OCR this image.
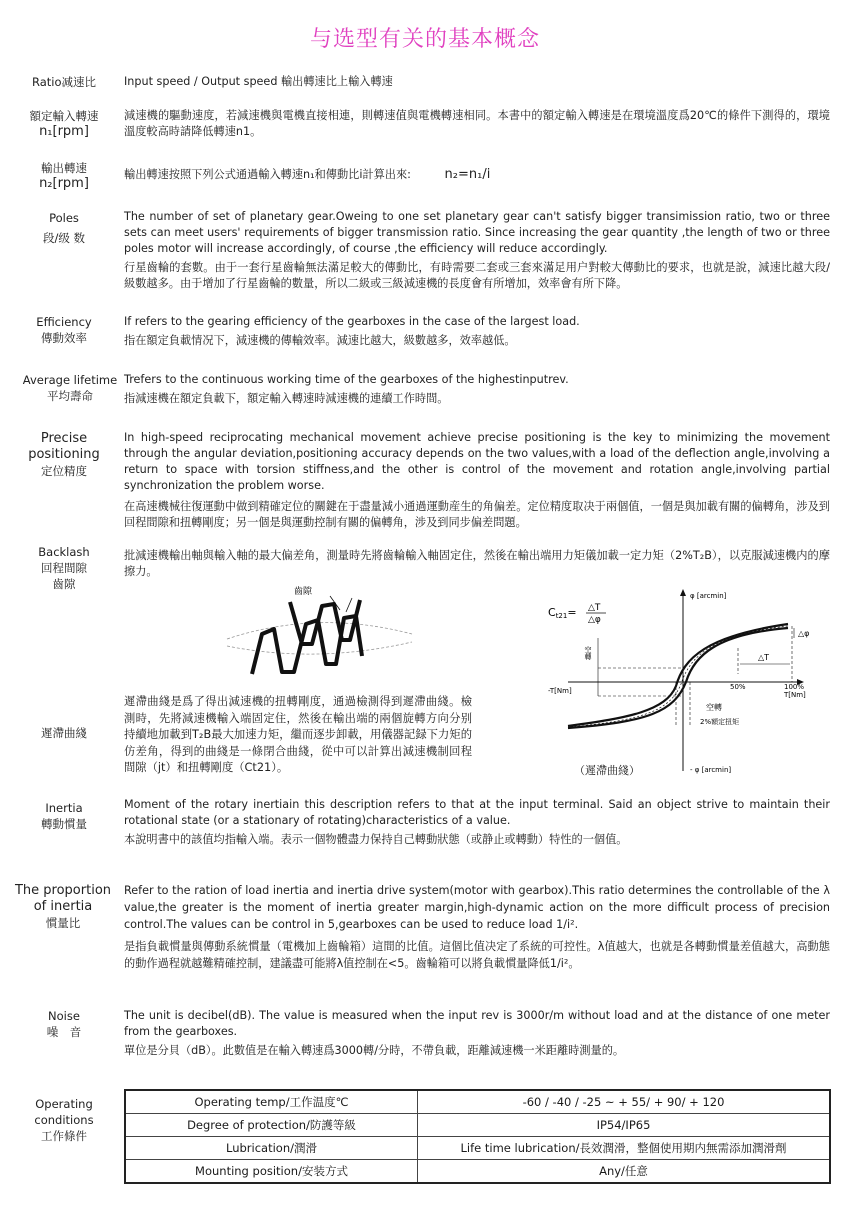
与选型有关的基本概念
Ratio减速比	Input speed / Output speed 輸出轉速比上輸入轉速
額定輸入轉速
n₁[rpm]
減速機的驅動速度，若減速機與電機直接相連，則轉速值與電機轉速相同。本書中的額定輸入轉速是在環境溫度爲20℃的條件下測得的，環境溫度較高時請降低轉速n1。
輸出轉速
n₂[rpm]
輸出轉速按照下列公式通過輸入轉速n₁和傳動比i計算出來:	n₂=n₁/i
Poles
段/级 数

The number of set of planetary gear.Oweing to one set planetary gear can't satisfy bigger transimission ratio, two or three sets can meet users' requirements of bigger transmission ratio. Since increasing the gear quantity ,the length of two or three poles motor will increase accordingly, of course ,the efficiency will reduce accordingly.

行星齒輪的套數。由于一套行星齒輪無法滿足較大的傳動比，有時需要二套或三套來滿足用户對較大傳動比的要求，也就是說，減速比越大段/級數越多。由于增加了行星齒輪的數量，所以二級或三級減速機的長度會有所增加，效率會有所下降。

Efficiency
傳動效率

If refers to the gearing efficiency of the gearboxes in the case of the largest load.

指在額定負載情况下，減速機的傳輸效率。減速比越大，級數越多，效率越低。

Average lifetime
平均壽命

Trefers to the continuous working time of the gearboxes of the highestinputrev.

指減速機在額定負載下，額定輸入轉速時減速機的連續工作時間。

Precise
positioning
定位精度

In high-speed reciprocating mechanical movement achieve precise positioning is the key to minimizing the movement through the angular deviation,positioning accuracy depends on the two values,with a load of the deflection angle,involving a return to space with torsion stiffness,and the other is control of the movement and rotation angle,involving partial synchronization the problem worse.

在高速機械往復運動中做到精確定位的關鍵在于盡量減小通過運動産生的角偏差。定位精度取决于兩個值，一個是與加載有關的偏轉角，涉及到回程間隙和扭轉剛度；另一個是與運動控制有關的偏轉角，涉及到同步偏差問題。

Backlash
回程間隙
齒隙
批減速機輸出軸與輸入軸的最大偏差角，測量時先將齒輪輸入軸固定住，然後在輸出端用力矩儀加載一定力矩（2%T₂B），以克服減速機内的摩擦力。
齒隙
Ct21= △T
△φ
φ [arcmin]
- φ [arcmin]
-T[Nm]	50%	100%
T[Nm]
△T
△φ
空轉
空轉
2%額定扭矩
（遲滯曲綫）
遲滯曲綫
遲滯曲綫是爲了得出減速機的扭轉剛度，通過檢測得到遲滯曲綫。檢測時，先將減速機輸入端固定住，然後在輸出端的兩個旋轉方向分别持續地加載到T₂B最大加速力矩，繼而逐步卸載，用儀器記録下力矩的仿差角，得到的曲綫是一條閉合曲綫，從中可以計算出減速機制回程間隙（jt）和扭轉剛度（Ct21）。
Inertia
轉動慣量

Moment of the rotary inertiain this description refers to that at the input terminal. Said an object strive to maintain their rotational state (or a stationary of rotating)characteristics of a value.

本說明書中的該值均指輸入端。表示一個物體盡力保持自己轉動狀態（或静止或轉動）特性的一個值。

The proportion
of inertia
慣量比

Refer to the ration of load inertia and inertia drive system(motor with gearbox).This ratio determines the controllable of the λ value,the greater is the moment of inertia greater margin,high-dynamic action on the more difficult process of precision control.The values can be control in 5,gearboxes can be used to reduce load 1/i².

是指負載慣量與傳動系統慣量（電機加上齒輪箱）這間的比值。這個比值决定了系統的可控性。λ值越大，也就是各轉動慣量差值越大，高動態的動作過程就越難精確控制，建議盡可能將λ值控制在<5。齒輪箱可以將負載慣量降低1/i²。

Noise
噪　音

The unit is decibel(dB). The value is measured when the input rev is 3000r/m without load and at the distance of one meter from the gearboxes.

單位是分貝（dB）。此數值是在輸入轉速爲3000轉/分時，不帶負載，距離減速機一米距離時測量的。

Operating
conditions
工作條件
Operating temp/工作温度℃	-60 / -40 / -25 ~ + 55/ + 90/ + 120
Degree of protection/防護等級	IP54/IP65
Lubrication/潤滑	Life time lubrication/長效潤滑，整個使用期内無需添加潤滑劑
Mounting position/安装方式	Any/任意
